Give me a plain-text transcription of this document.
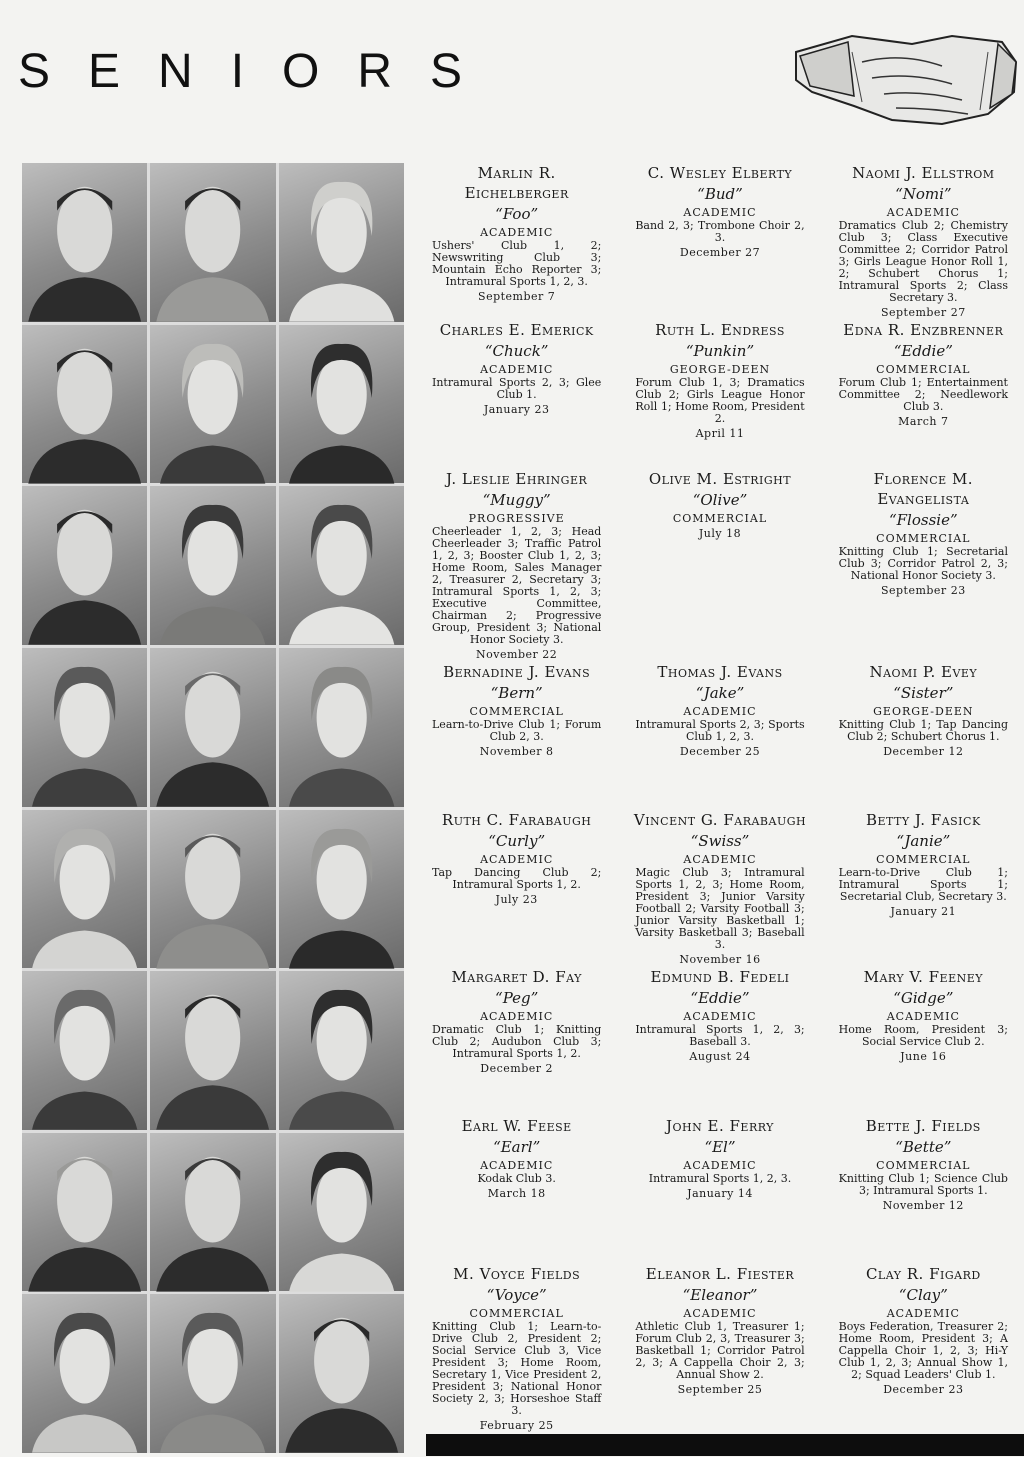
SENIORS

Marlin R. Eichelberger

“Foo”

ACADEMIC
Ushers' Club 1, 2; Newswriting Club 3; Mountain Echo Reporter 3; Intramural Sports 1, 2, 3.
September 7

C. Wesley Elberty

“Bud”

ACADEMIC
Band 2, 3; Trombone Choir 2, 3.
December 27

Naomi J. Ellstrom

“Nomi”

ACADEMIC
Dramatics Club 2; Chemistry Club 3; Class Executive Committee 2; Corridor Patrol 3; Girls League Honor Roll 1, 2; Schubert Chorus 1; Intramural Sports 2; Class Secretary 3.
September 27

Charles E. Emerick

“Chuck”

ACADEMIC
Intramural Sports 2, 3; Glee Club 1.
January 23

Ruth L. Endress

“Punkin”

GEORGE-DEEN
Forum Club 1, 3; Dramatics Club 2; Girls League Honor Roll 1; Home Room, President 2.
April 11

Edna R. Enzbrenner

“Eddie”

COMMERCIAL
Forum Club 1; Entertainment Committee 2; Needlework Club 3.
March 7

J. Leslie Ehringer

“Muggy”

PROGRESSIVE
Cheerleader 1, 2, 3; Head Cheerleader 3; Traffic Patrol 1, 2, 3; Booster Club 1, 2, 3; Home Room, Sales Manager 2, Treasurer 2, Secretary 3; Intramural Sports 1, 2, 3; Executive Committee, Chairman 2; Progressive Group, President 3; National Honor Society 3.
November 22

Olive M. Estright

“Olive”

COMMERCIAL
July 18

Florence M. Evangelista

“Flossie”

COMMERCIAL
Knitting Club 1; Secretarial Club 3; Corridor Patrol 2, 3; National Honor Society 3.
September 23

Bernadine J. Evans

“Bern”

COMMERCIAL
Learn-to-Drive Club 1; Forum Club 2, 3.
November 8

Thomas J. Evans

“Jake”

ACADEMIC
Intramural Sports 2, 3; Sports Club 1, 2, 3.
December 25

Naomi P. Evey

“Sister”

GEORGE-DEEN
Knitting Club 1; Tap Dancing Club 2; Schubert Chorus 1.
December 12

Ruth C. Farabaugh

“Curly”

ACADEMIC
Tap Dancing Club 2; Intramural Sports 1, 2.
July 23

Vincent G. Farabaugh

“Swiss”

ACADEMIC
Magic Club 3; Intramural Sports 1, 2, 3; Home Room, President 3; Junior Varsity Football 2; Varsity Football 3; Junior Varsity Basketball 1; Varsity Basketball 3; Baseball 3.
November 16

Betty J. Fasick

“Janie”

COMMERCIAL
Learn-to-Drive Club 1; Intramural Sports 1; Secretarial Club, Secretary 3.
January 21

Margaret D. Fay

“Peg”

ACADEMIC
Dramatic Club 1; Knitting Club 2; Audubon Club 3; Intramural Sports 1, 2.
December 2

Edmund B. Fedeli

“Eddie”

ACADEMIC
Intramural Sports 1, 2, 3; Baseball 3.
August 24

Mary V. Feeney

“Gidge”

ACADEMIC
Home Room, President 3; Social Service Club 2.
June 16

Earl W. Feese

“Earl”

ACADEMIC
Kodak Club 3.
March 18

John E. Ferry

“El”

ACADEMIC
Intramural Sports 1, 2, 3.
January 14

Bette J. Fields

“Bette”

COMMERCIAL
Knitting Club 1; Science Club 3; Intramural Sports 1.
November 12

M. Voyce Fields

“Voyce”

COMMERCIAL
Knitting Club 1; Learn-to-Drive Club 2, President 2; Social Service Club 3, Vice President 3; Home Room, Secretary 1, Vice President 2, President 3; National Honor Society 2, 3; Horseshoe Staff 3.
February 25

Eleanor L. Fiester

“Eleanor”

ACADEMIC
Athletic Club 1, Treasurer 1; Forum Club 2, 3, Treasurer 3; Basketball 1; Corridor Patrol 2, 3; A Cappella Choir 2, 3; Annual Show 2.
September 25

Clay R. Figard

“Clay”

ACADEMIC
Boys Federation, Treasurer 2; Home Room, President 3; A Cappella Choir 1, 2, 3; Hi-Y Club 1, 2, 3; Annual Show 1, 2; Squad Leaders' Club 1.
December 23
